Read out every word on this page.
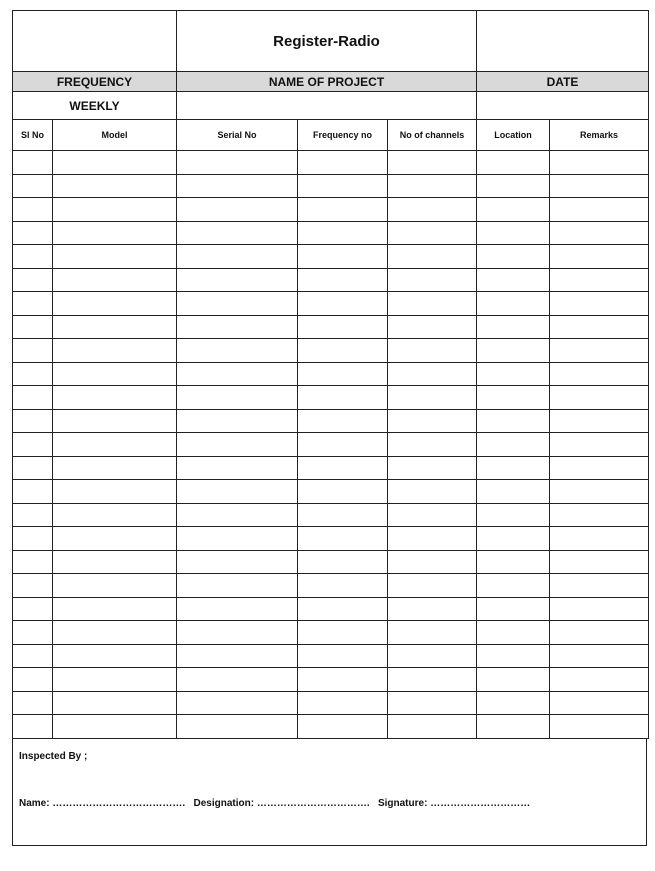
		Register-Radio				
FREQUENCY		NAME OF PROJECT			DATE	
WEEKLY						
Sl No	Model	Serial No	Frequency no	No of channels	Location	Remarks

Inspected By ;
Name: …………………………………. Designation: ……………………………. Signature: …………………………
